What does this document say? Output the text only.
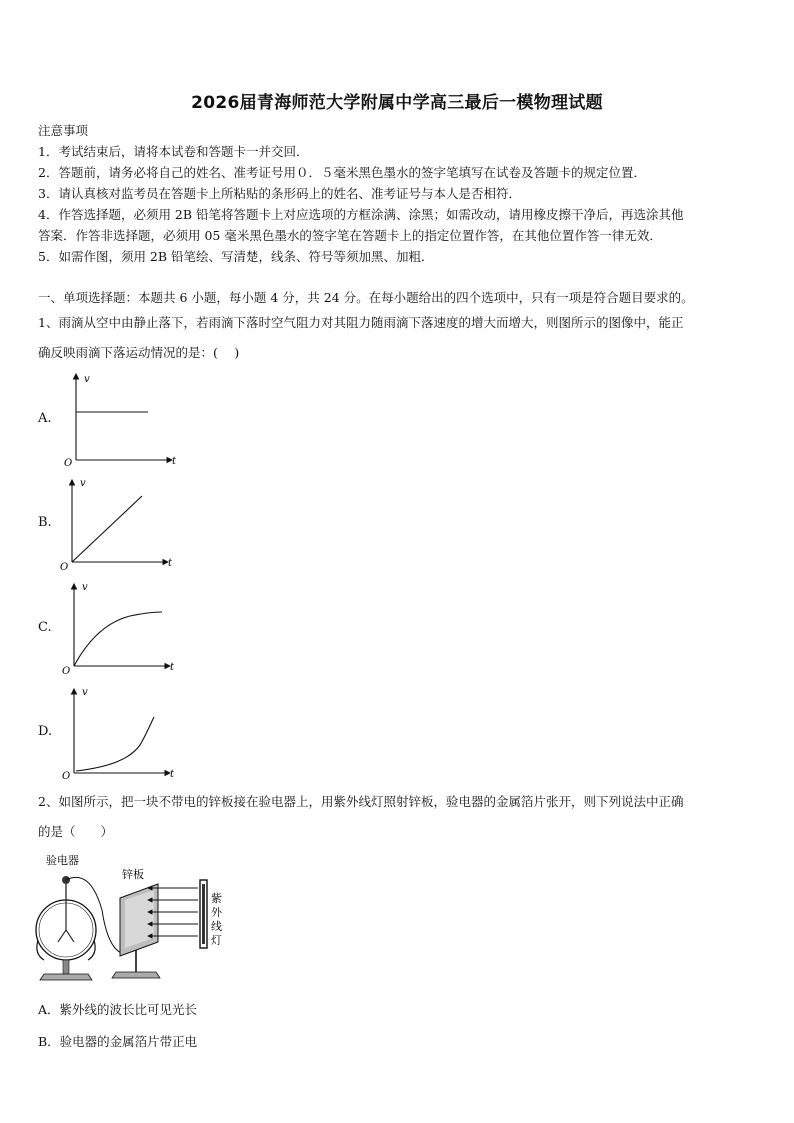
2026届青海师范大学附属中学高三最后一模物理试题
注意事项
1．考试结束后，请将本试卷和答题卡一并交回．
2．答题前，请务必将自己的姓名、准考证号用０．５毫米黑色墨水的签字笔填写在试卷及答题卡的规定位置．
3．请认真核对监考员在答题卡上所粘贴的条形码上的姓名、准考证号与本人是否相符．
4．作答选择题，必须用 2B 铅笔将答题卡上对应选项的方框涂满、涂黑；如需改动，请用橡皮擦干净后，再选涂其他
答案．作答非选择题，必须用 05 毫米黑色墨水的签字笔在答题卡上的指定位置作答，在其他位置作答一律无效．
5．如需作图，须用 2B 铅笔绘、写清楚，线条、符号等须加黑、加粗．
一、单项选择题：本题共 6 小题，每小题 4 分，共 24 分。在每小题给出的四个选项中，只有一项是符合题目要求的。
1、雨滴从空中由静止落下，若雨滴下落时空气阻力对其阻力随雨滴下落速度的增大而增大，则图所示的图像中，能正
确反映雨滴下落运动情况的是：(　 )
A.
v
t
O
B.
v
t
O
C.
v
t
O
D.
v
t
O
2、如图所示，把一块不带电的锌板接在验电器上，用紫外线灯照射锌板，验电器的金属箔片张开，则下列说法中正确
的是（　　）
验电器
锌板
紫
外
线
灯
A．紫外线的波长比可见光长
B．验电器的金属箔片带正电
